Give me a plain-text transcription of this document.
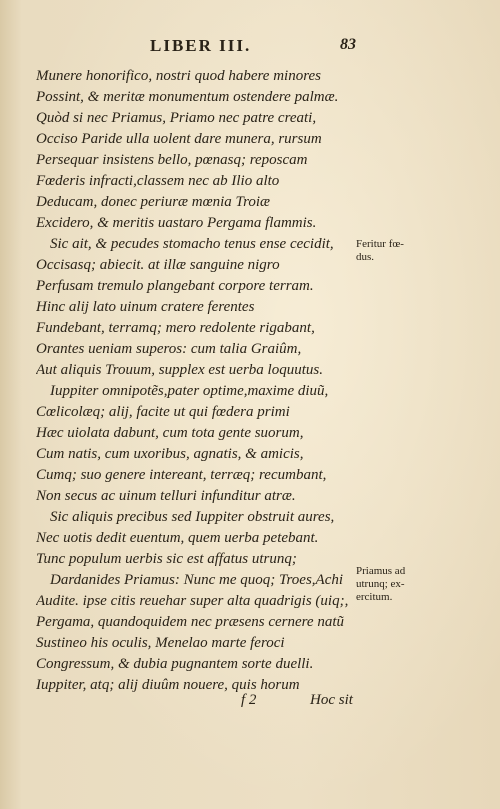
LIBER III.	83
Munere honorifico, nostri quod habere minores
Possint, & meritæ monumentum ostendere palmæ.
Quòd si nec Priamus, Priamo nec patre creati,
Occiso Paride ulla uolent dare munera, rursum
Persequar insistens bello, pœnasq; reposcam
Fœderis infracti,classem nec ab Ilio alto
Deducam, donec periuræ mœnia Troiæ
Excidero, & meritis uastaro Pergama flammis.
Sic ait, & pecudes stomacho tenus ense cecidit,
Occisasq; abiecit. at illæ sanguine nigro
Perfusam tremulo plangebant corpore terram.
Hinc alij lato uinum cratere ferentes
Fundebant, terramq; mero redolente rigabant,
Orantes ueniam superos: cum talia Graiûm,
Aut aliquis Trouum, supplex est uerba loquutus.
Iuppiter omnipotẽs,pater optime,maxime diuũ,
Cœlicolæq; alij, facite ut qui fœdera primi
Hæc uiolata dabunt, cum tota gente suorum,
Cum natis, cum uxoribus, agnatis, & amicis,
Cumq; suo genere intereant, terræq; recumbant,
Non secus ac uinum telluri infunditur atræ.
Sic aliquis precibus sed Iuppiter obstruit aures,
Nec uotis dedit euentum, quem uerba petebant.
Tunc populum uerbis sic est affatus utrunq;
Dardanides Priamus: Nunc me quoq; Troes,Achi
Audite. ipse citis reuehar super alta quadrigis (uiq;,
Pergama, quandoquidem nec præsens cernere natũ
Sustineo his oculis, Menelao marte feroci
Congressum, & dubia pugnantem sorte duelli.
Iuppiter, atq; alij diuûm nouere, quis horum
Feritur fœ-
dus.
Priamus ad
utrunq; ex-
ercitum.
f 2	Hoc sit
